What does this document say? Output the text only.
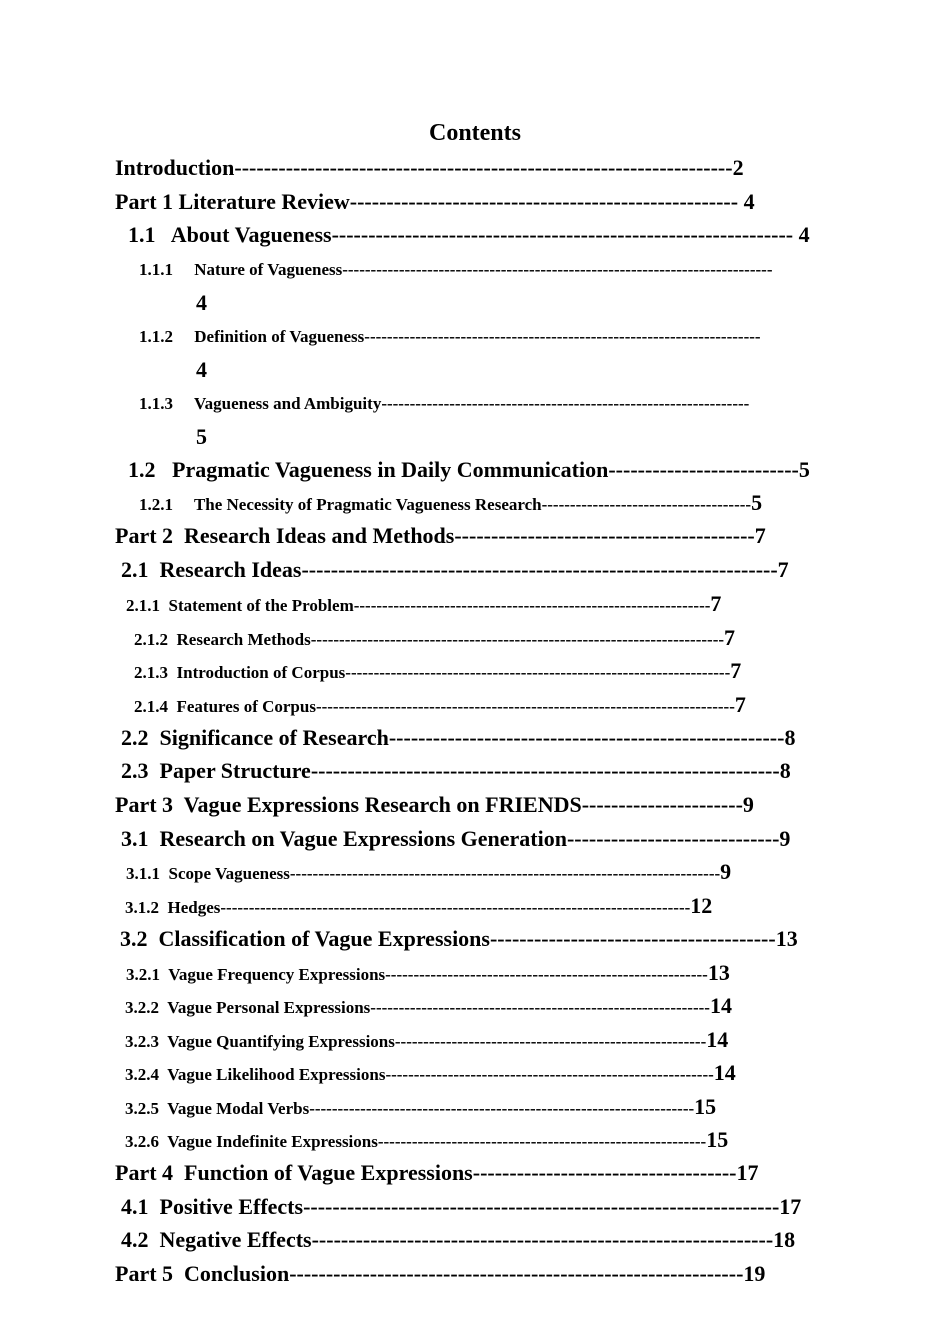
Contents
Introduction--------------------------------------------------------------------2
Part 1 Literature Review----------------------------------------------------- 4
1.1   About Vagueness--------------------------------------------------------------- 4
1.1.1     Nature of Vagueness----------------------------------------------------------------------------
4
1.1.2     Definition of Vagueness----------------------------------------------------------------------
4
1.1.3     Vagueness and Ambiguity-----------------------------------------------------------------
5
1.2   Pragmatic Vagueness in Daily Communication--------------------------5
1.2.1     The Necessity of Pragmatic Vagueness Research-------------------------------------5
Part 2  Research Ideas and Methods-----------------------------------------7
2.1  Research Ideas-----------------------------------------------------------------7
2.1.1  Statement of the Problem---------------------------------------------------------------7
2.1.2  Research Methods-------------------------------------------------------------------------7
2.1.3  Introduction of Corpus--------------------------------------------------------------------7
2.1.4  Features of Corpus--------------------------------------------------------------------------7
2.2  Significance of Research------------------------------------------------------8
2.3  Paper Structure----------------------------------------------------------------8
Part 3  Vague Expressions Research on FRIENDS----------------------9
3.1  Research on Vague Expressions Generation-----------------------------9
3.1.1  Scope Vagueness----------------------------------------------------------------------------9
3.1.2  Hedges-----------------------------------------------------------------------------------12
3.2  Classification of Vague Expressions---------------------------------------13
3.2.1  Vague Frequency Expressions---------------------------------------------------------13
3.2.2  Vague Personal Expressions------------------------------------------------------------14
3.2.3  Vague Quantifying Expressions-------------------------------------------------------14
3.2.4  Vague Likelihood Expressions----------------------------------------------------------14
3.2.5  Vague Modal Verbs--------------------------------------------------------------------15
3.2.6  Vague Indefinite Expressions----------------------------------------------------------15
Part 4  Function of Vague Expressions------------------------------------17
4.1  Positive Effects-----------------------------------------------------------------17
4.2  Negative Effects---------------------------------------------------------------18
Part 5  Conclusion--------------------------------------------------------------19
